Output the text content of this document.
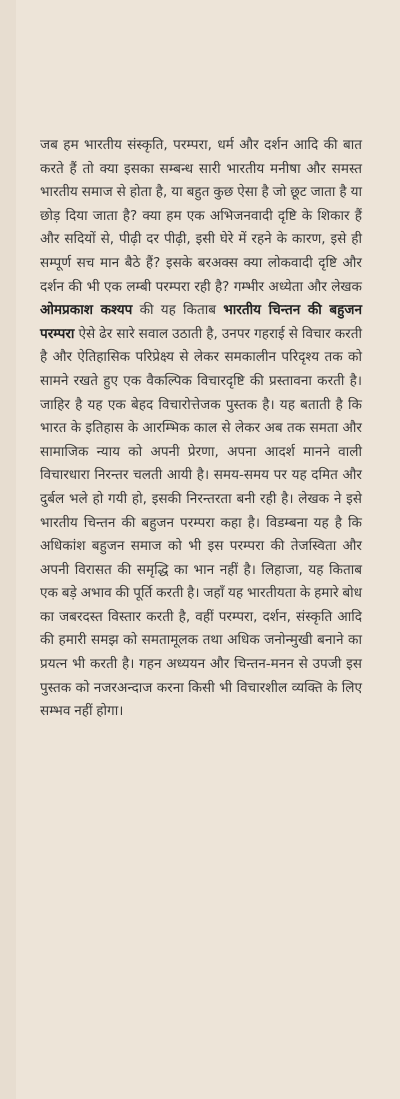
जब हम भारतीय संस्कृति, परम्परा, धर्म और दर्शन आदि की बात करते हैं तो क्या इसका सम्बन्ध सारी भारतीय मनीषा और समस्त भारतीय समाज से होता है, या बहुत कुछ ऐसा है जो छूट जाता है या छोड़ दिया जाता है? क्या हम एक अभिजनवादी दृष्टि के शिकार हैं और सदियों से, पीढ़ी दर पीढ़ी, इसी घेरे में रहने के कारण, इसे ही सम्पूर्ण सच मान बैठे हैं? इसके बरअक्स क्या लोकवादी दृष्टि और दर्शन की भी एक लम्बी परम्परा रही है? गम्भीर अध्येता और लेखक ओमप्रकाश कश्यप की यह किताब भारतीय चिन्तन की बहुजन परम्परा ऐसे ढेर सारे सवाल उठाती है, उनपर गहराई से विचार करती है और ऐतिहासिक परिप्रेक्ष्य से लेकर समकालीन परिदृश्य तक को सामने रखते हुए एक वैकल्पिक विचारदृष्टि की प्रस्तावना करती है। जाहिर है यह एक बेहद विचारोत्तेजक पुस्तक है। यह बताती है कि भारत के इतिहास के आरम्भिक काल से लेकर अब तक समता और सामाजिक न्याय को अपनी प्रेरणा, अपना आदर्श मानने वाली विचारधारा निरन्तर चलती आयी है। समय-समय पर यह दमित और दुर्बल भले हो गयी हो, इसकी निरन्तरता बनी रही है। लेखक ने इसे भारतीय चिन्तन की बहुजन परम्परा कहा है। विडम्बना यह है कि अधिकांश बहुजन समाज को भी इस परम्परा की तेजस्विता और अपनी विरासत की समृद्धि का भान नहीं है। लिहाजा, यह किताब एक बड़े अभाव की पूर्ति करती है। जहाँ यह भारतीयता के हमारे बोध का जबरदस्त विस्तार करती है, वहीं परम्परा, दर्शन, संस्कृति आदि की हमारी समझ को समतामूलक तथा अधिक जनोन्मुखी बनाने का प्रयत्न भी करती है। गहन अध्ययन और चिन्तन-मनन से उपजी इस पुस्तक को नजरअन्दाज करना किसी भी विचारशील व्यक्ति के लिए सम्भव नहीं होगा।
